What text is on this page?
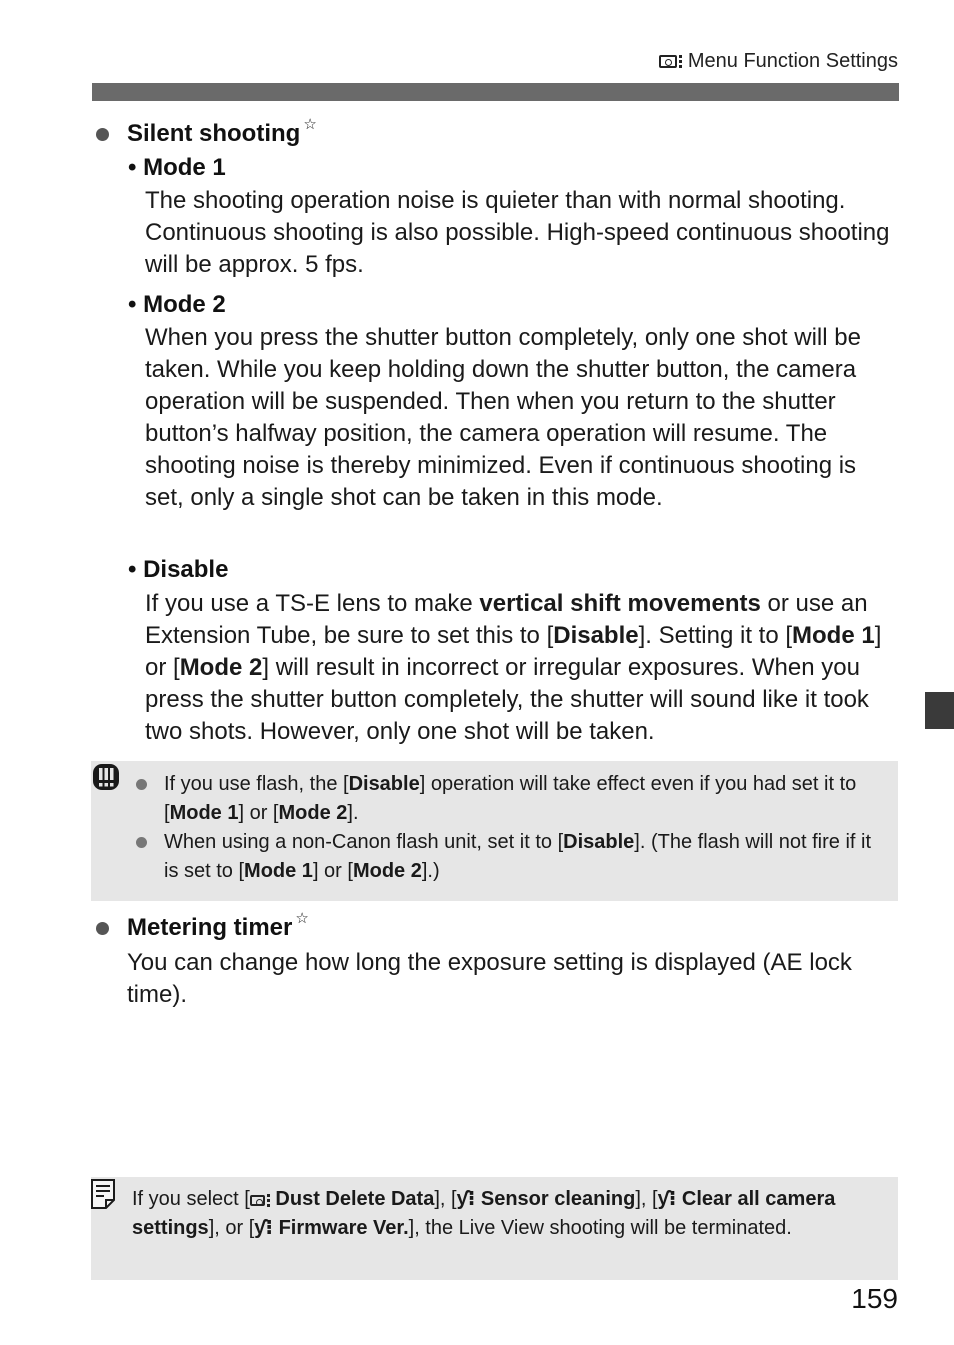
Menu Function Settings
Silent shooting ☆
• Mode 1
The shooting operation noise is quieter than with normal shooting. Continuous shooting is also possible. High-speed continuous shooting will be approx. 5 fps.
• Mode 2
When you press the shutter button completely, only one shot will be taken. While you keep holding down the shutter button, the camera operation will be suspended. Then when you return to the shutter button’s halfway position, the camera operation will resume. The shooting noise is thereby minimized. Even if continuous shooting is set, only a single shot can be taken in this mode.
• Disable
If you use a TS-E lens to make vertical shift movements or use an Extension Tube, be sure to set this to [Disable]. Setting it to [Mode 1] or [Mode 2] will result in incorrect or irregular exposures. When you press the shutter button completely, the shutter will sound like it took two shots. However, only one shot will be taken.
If you use flash, the [Disable] operation will take effect even if you had set it to [Mode 1] or [Mode 2].
When using a non-Canon flash unit, set it to [Disable]. (The flash will not fire if it is set to [Mode 1] or [Mode 2].)
Metering timer ☆
You can change how long the exposure setting is displayed (AE lock time).
If you select [ Dust Delete Data], [ƴ⁝ Sensor cleaning], [ƴ⁝ Clear all camera settings], or [ƴ⁝ Firmware Ver.], the Live View shooting will be terminated.
159
